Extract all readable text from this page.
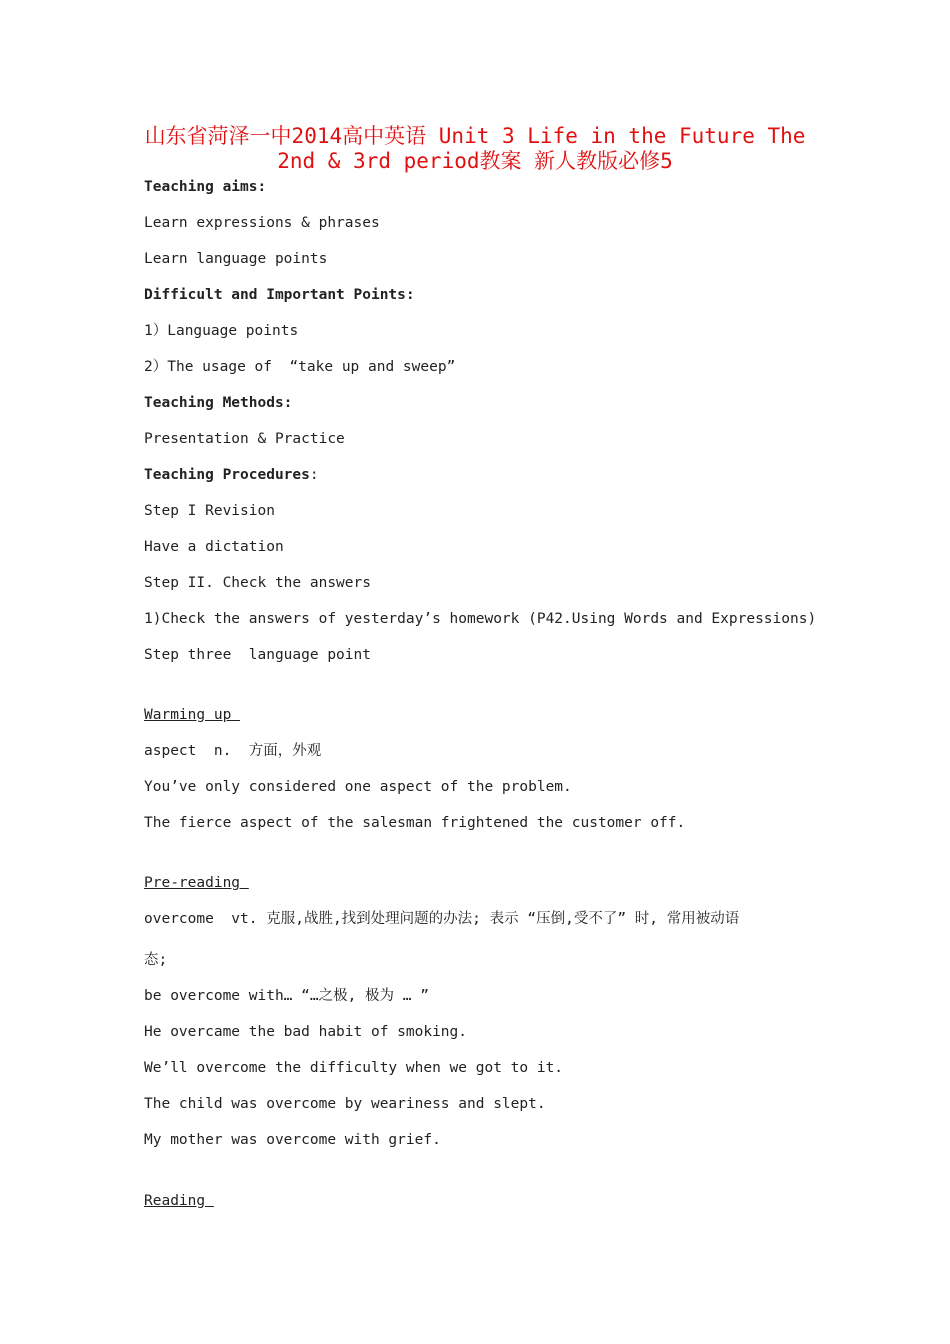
山东省菏泽一中2014高中英语 Unit 3 Life in the Future The
2nd & 3rd period教案 新人教版必修5
Teaching aims:
Learn expressions & phrases
Learn language points
Difficult and Important Points:
1）Language points
2）The usage of  “take up and sweep”
Teaching Methods:
Presentation & Practice
Teaching Procedures:
Step I Revision
Have a dictation
Step II. Check the answers
1)Check the answers of yesterday’s homework (P42.Using Words and Expressions)
Step three  language point
Warming up
aspect  n.  方面，外观
You’ve only considered one aspect of the problem.
The fierce aspect of the salesman frightened the customer off.
Pre-reading
overcome  vt. 克服,战胜,找到处理问题的办法; 表示 “压倒,受不了” 时, 常用被动语
态;
be overcome with… “…之极, 极为 … ”
He overcame the bad habit of smoking.
We’ll overcome the difficulty when we got to it.
The child was overcome by weariness and slept.
My mother was overcome with grief.
Reading
